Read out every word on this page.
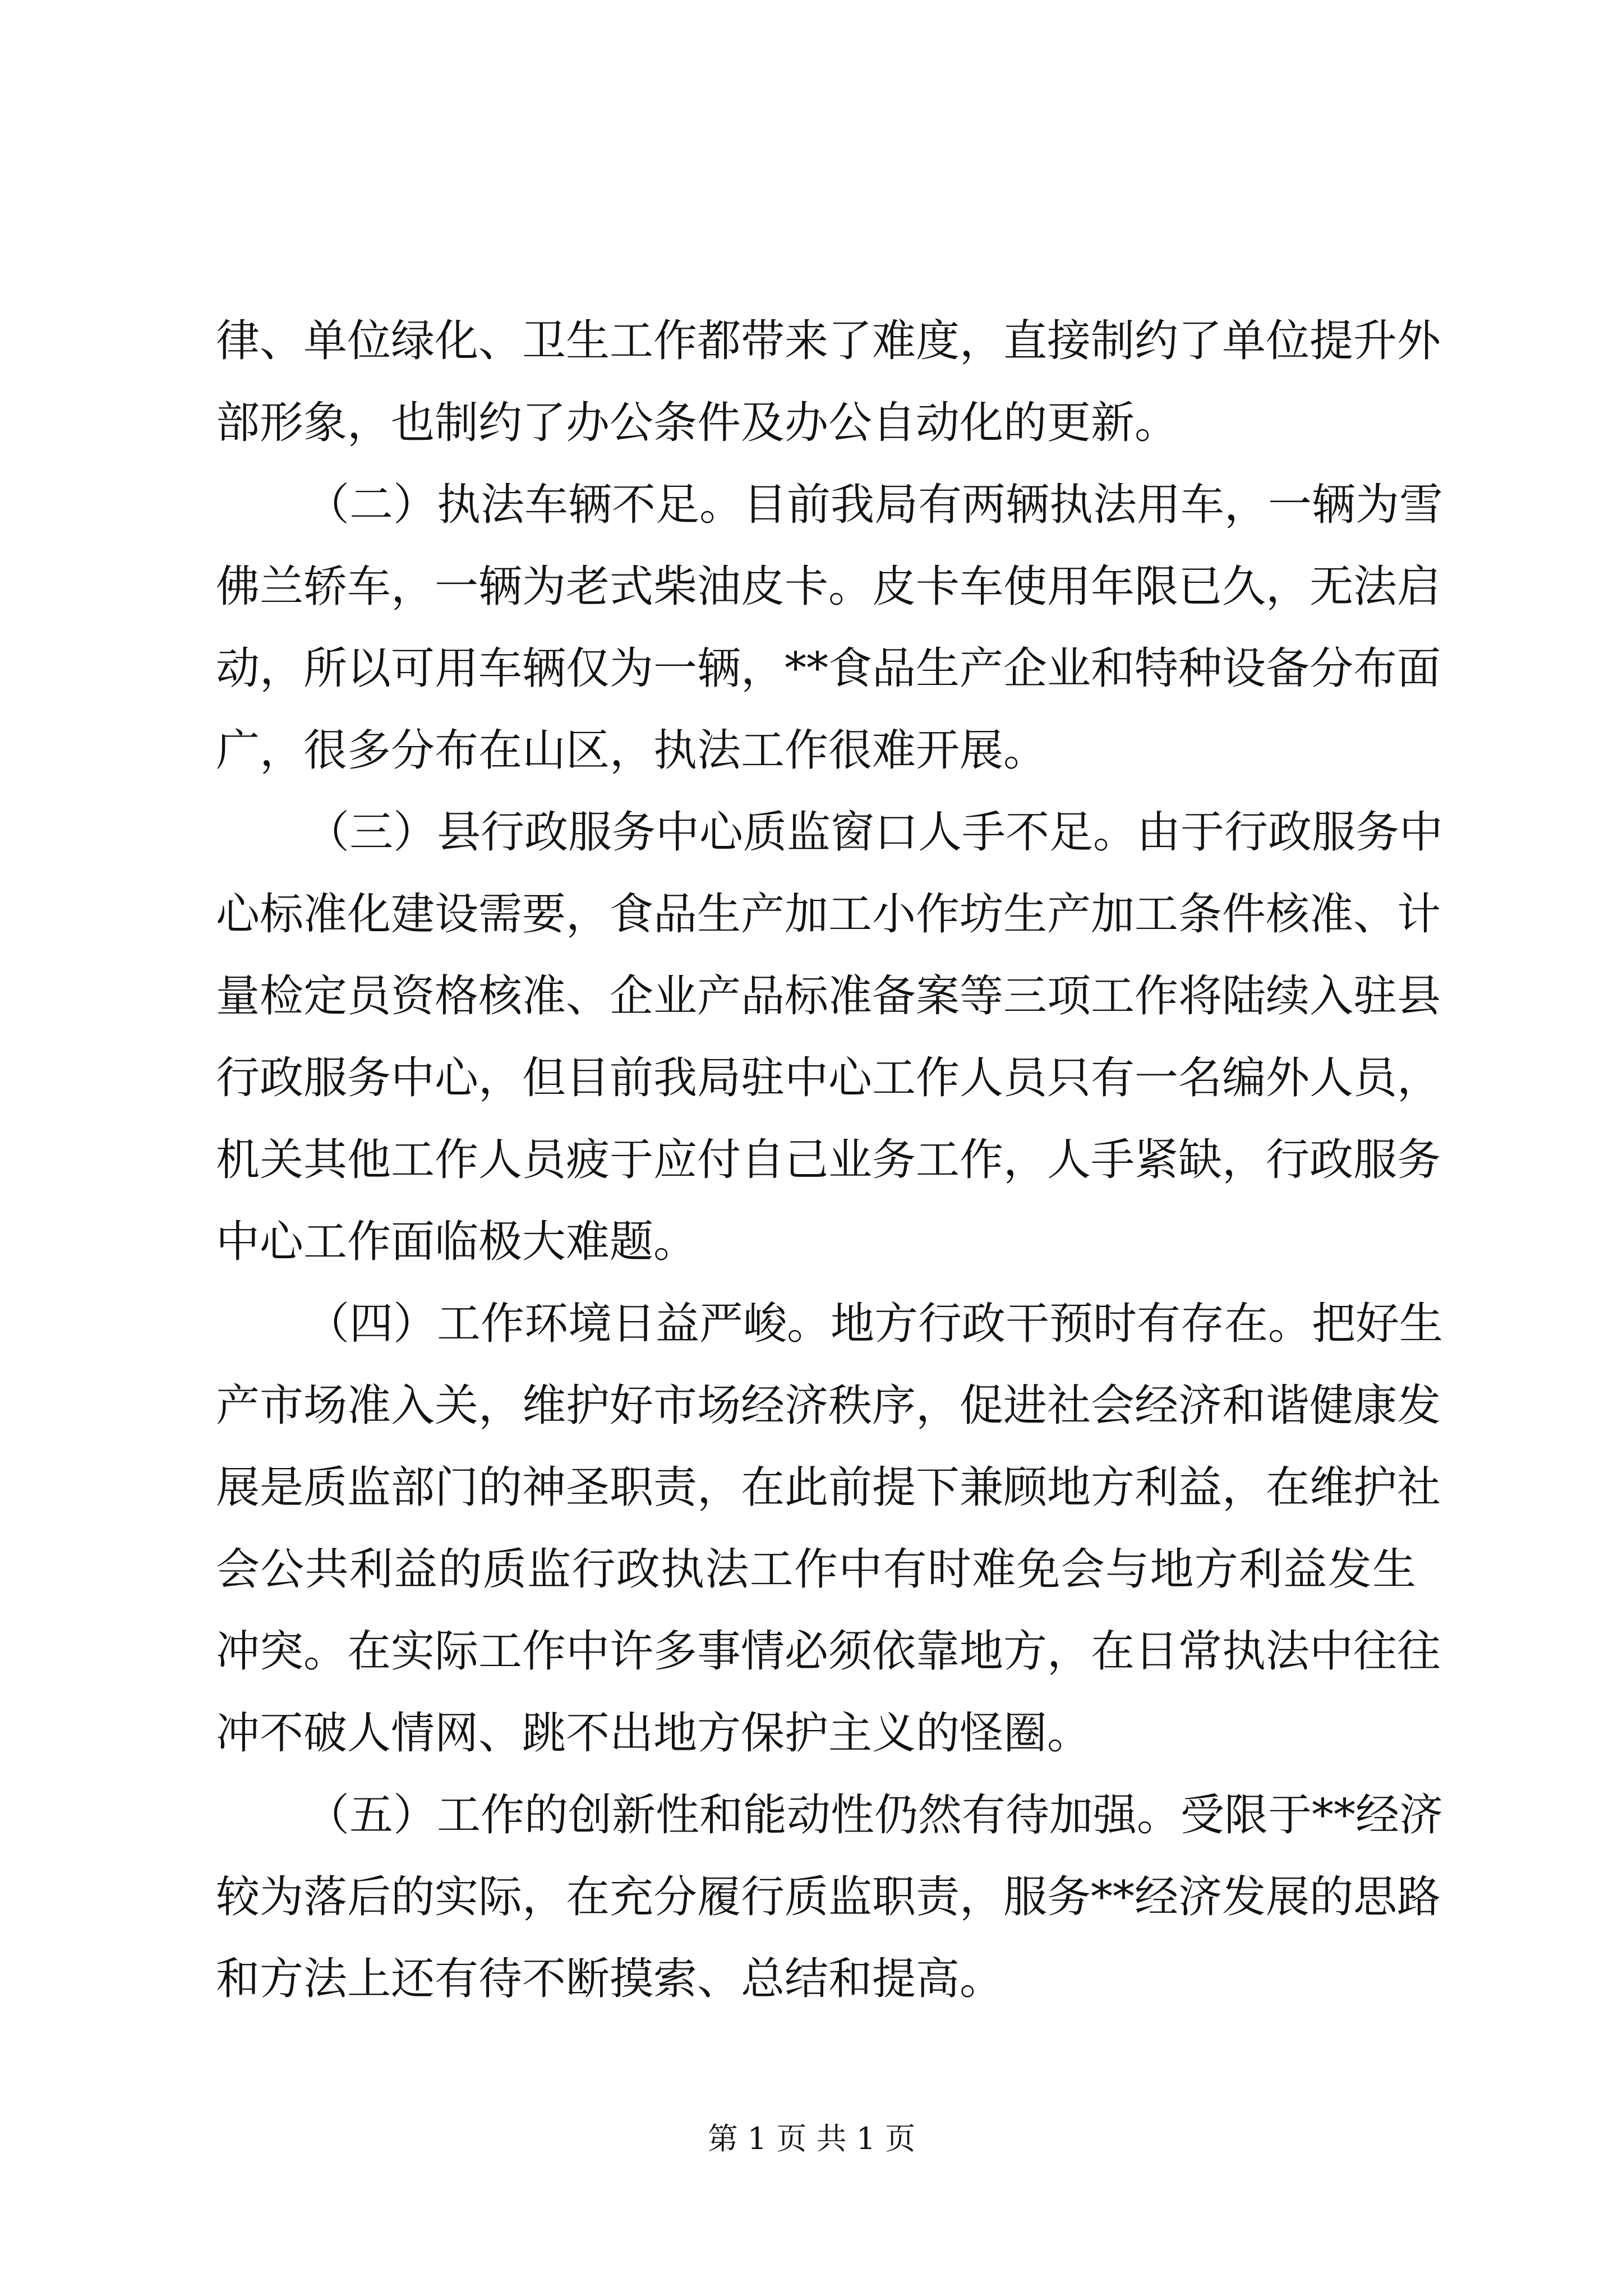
律、单位绿化、卫生工作都带来了难度，直接制约了单位提升外
部形象，也制约了办公条件及办公自动化的更新。
（二）执法车辆不足。目前我局有两辆执法用车，一辆为雪
佛兰轿车，一辆为老式柴油皮卡。皮卡车使用年限已久，无法启
动，所以可用车辆仅为一辆，**食品生产企业和特种设备分布面
广，很多分布在山区，执法工作很难开展。
（三）县行政服务中心质监窗口人手不足。由于行政服务中
心标准化建设需要，食品生产加工小作坊生产加工条件核准、计
量检定员资格核准、企业产品标准备案等三项工作将陆续入驻县
行政服务中心，但目前我局驻中心工作人员只有一名编外人员，
机关其他工作人员疲于应付自己业务工作，人手紧缺，行政服务
中心工作面临极大难题。
（四）工作环境日益严峻。地方行政干预时有存在。把好生
产市场准入关，维护好市场经济秩序，促进社会经济和谐健康发
展是质监部门的神圣职责，在此前提下兼顾地方利益，在维护社
会公共利益的质监行政执法工作中有时难免会与地方利益发生
冲突。在实际工作中许多事情必须依靠地方，在日常执法中往往
冲不破人情网、跳不出地方保护主义的怪圈。
（五）工作的创新性和能动性仍然有待加强。受限于**经济
较为落后的实际，在充分履行质监职责，服务**经济发展的思路
和方法上还有待不断摸索、总结和提高。
第 1 页 共 1 页
